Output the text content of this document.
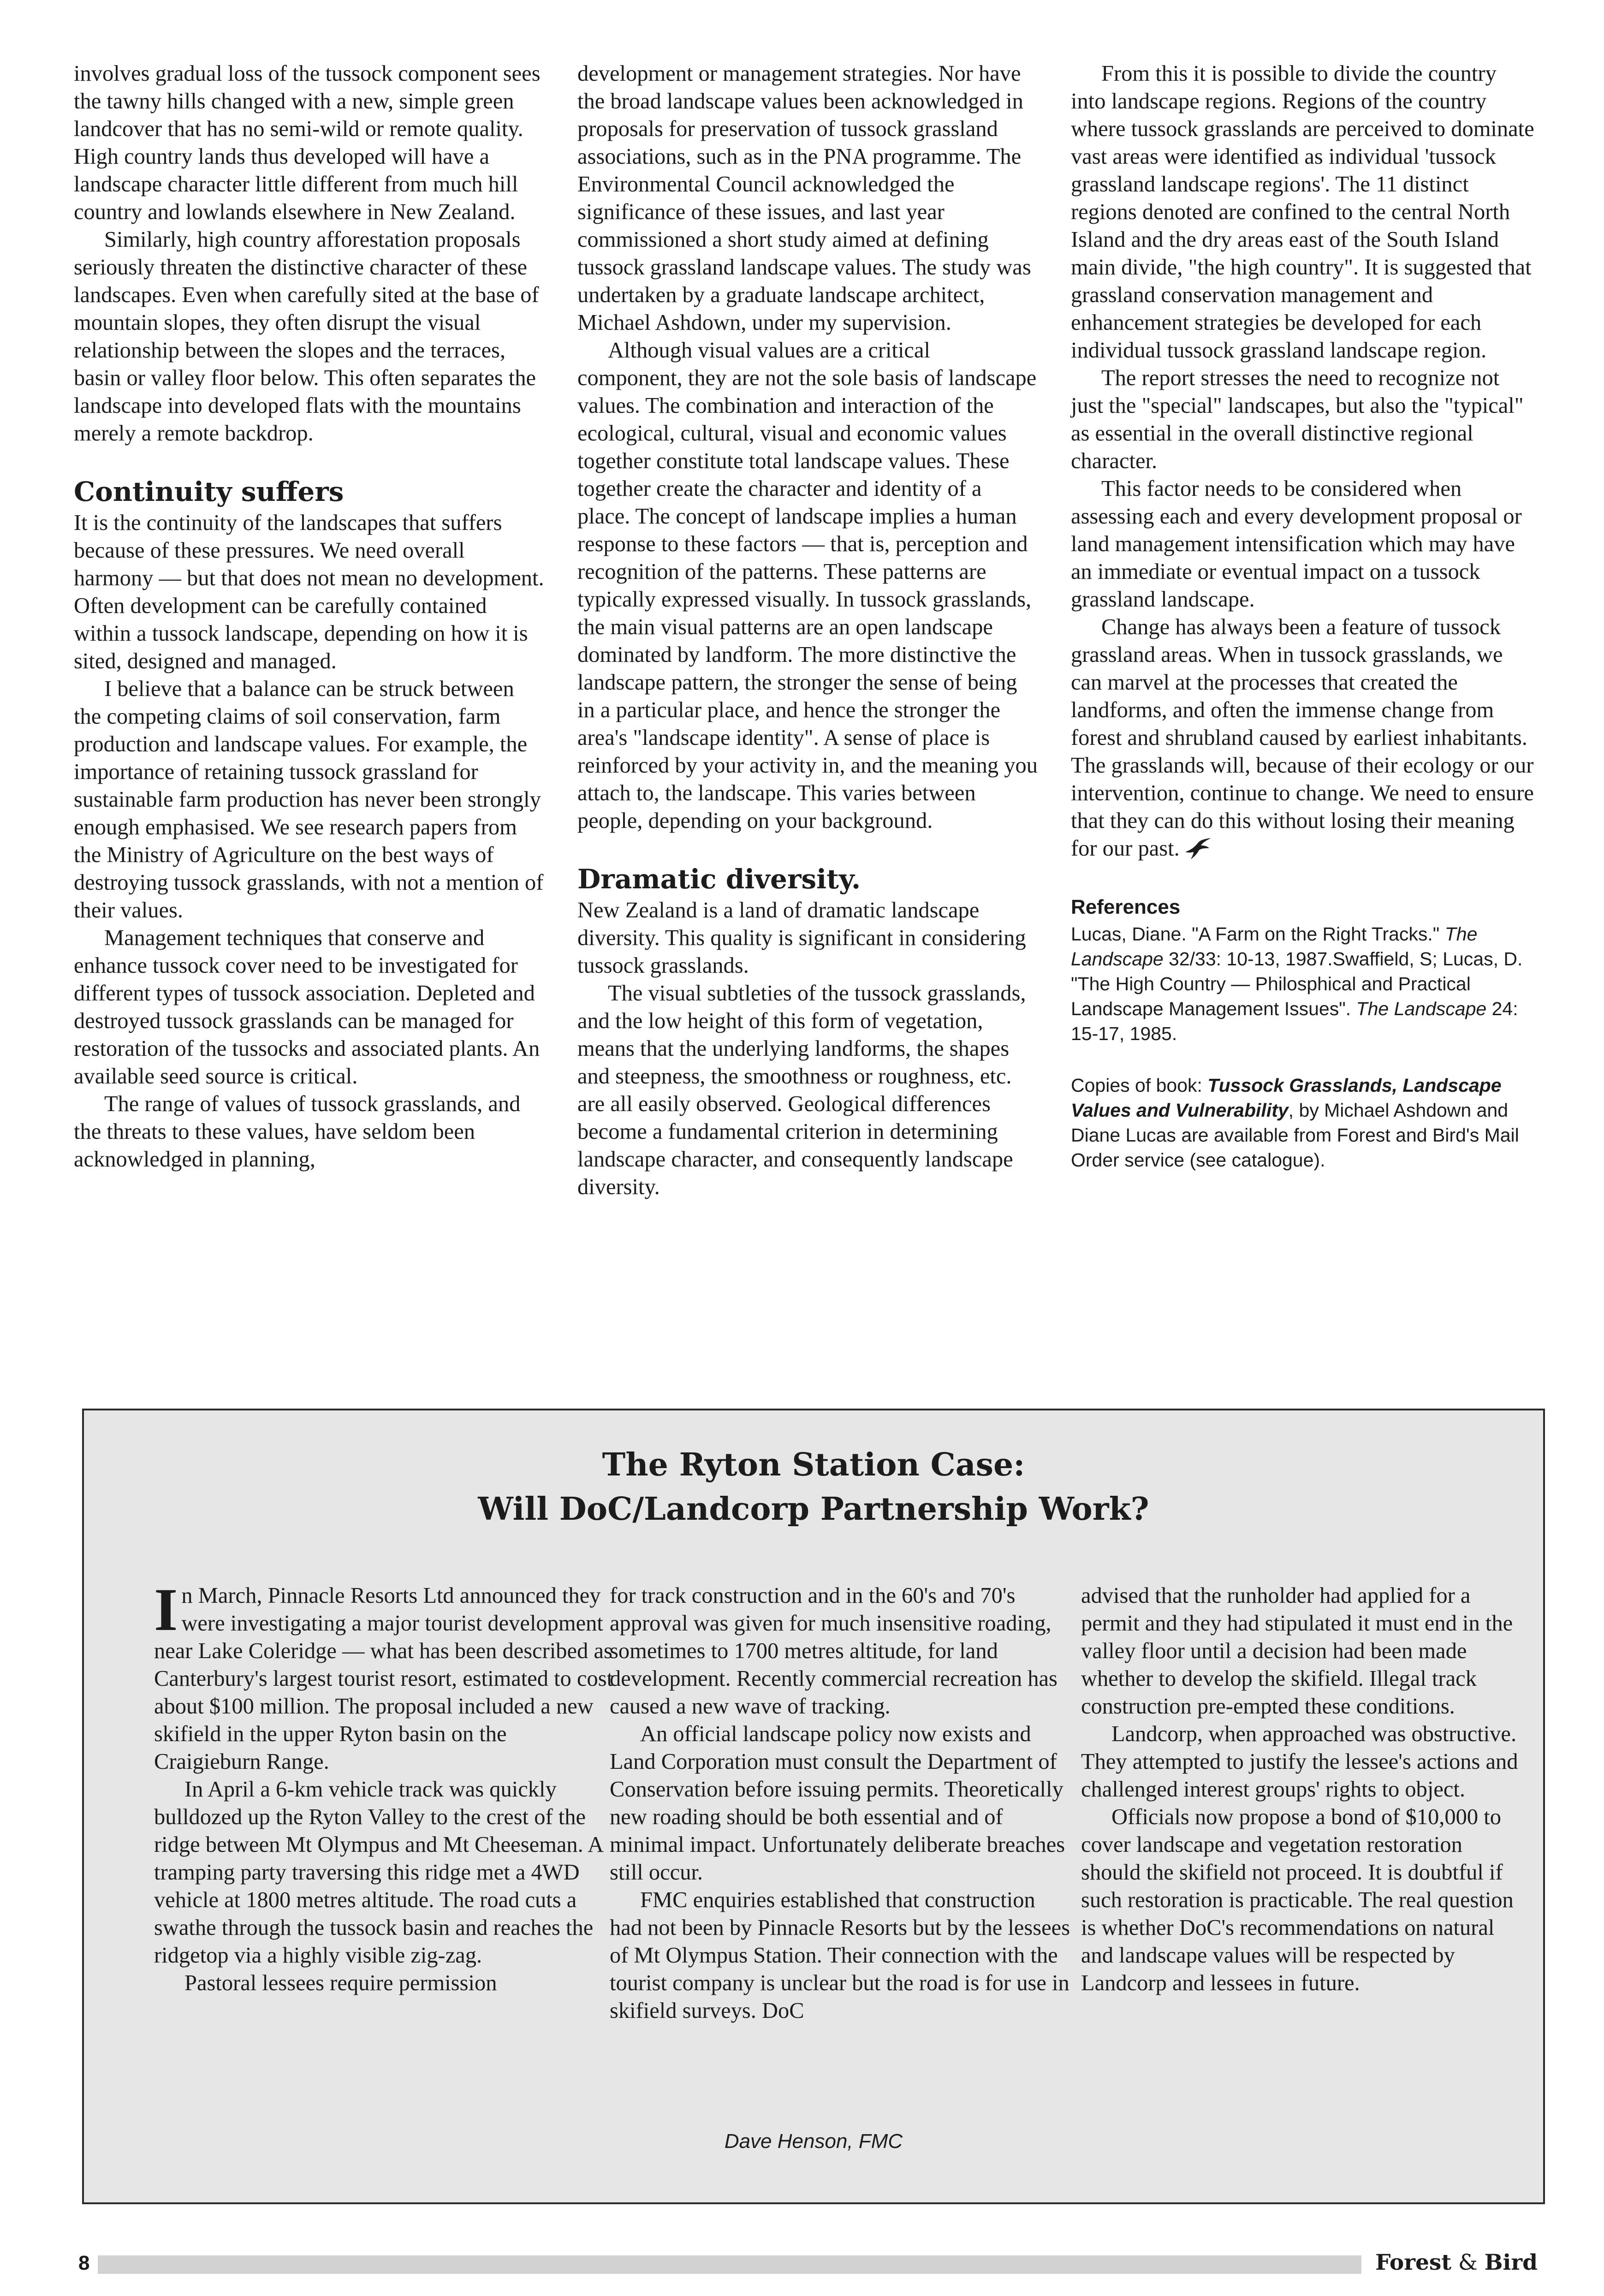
involves gradual loss of the tussock component sees the tawny hills changed with a new, simple green landcover that has no semi-wild or remote quality. High country lands thus developed will have a landscape character little different from much hill country and lowlands elsewhere in New Zealand.

Similarly, high country afforestation proposals seriously threaten the distinctive character of these landscapes. Even when carefully sited at the base of mountain slopes, they often disrupt the visual relationship between the slopes and the terraces, basin or valley floor below. This often separates the landscape into developed flats with the mountains merely a remote backdrop.

Continuity suffers

It is the continuity of the landscapes that suffers because of these pressures. We need overall harmony — but that does not mean no development. Often development can be carefully contained within a tussock landscape, depending on how it is sited, designed and managed.

I believe that a balance can be struck between the competing claims of soil conservation, farm production and landscape values. For example, the importance of retaining tussock grassland for sustainable farm production has never been strongly enough emphasised. We see research papers from the Ministry of Agriculture on the best ways of destroying tussock grasslands, with not a mention of their values.

Management techniques that conserve and enhance tussock cover need to be investigated for different types of tussock association. Depleted and destroyed tussock grasslands can be managed for restoration of the tussocks and associated plants. An available seed source is critical.

The range of values of tussock grasslands, and the threats to these values, have seldom been acknowledged in planning,

development or management strategies. Nor have the broad landscape values been acknowledged in proposals for preservation of tussock grassland associations, such as in the PNA programme. The Environmental Council acknowledged the significance of these issues, and last year commissioned a short study aimed at defining tussock grassland landscape values. The study was undertaken by a graduate landscape architect, Michael Ashdown, under my supervision.

Although visual values are a critical component, they are not the sole basis of landscape values. The combination and interaction of the ecological, cultural, visual and economic values together constitute total landscape values. These together create the character and identity of a place. The concept of landscape implies a human response to these factors — that is, perception and recognition of the patterns. These patterns are typically expressed visually. In tussock grasslands, the main visual patterns are an open landscape dominated by landform. The more distinctive the landscape pattern, the stronger the sense of being in a particular place, and hence the stronger the area's "landscape identity". A sense of place is reinforced by your activity in, and the meaning you attach to, the landscape. This varies between people, depending on your background.

Dramatic diversity.

New Zealand is a land of dramatic landscape diversity. This quality is significant in considering tussock grasslands.

The visual subtleties of the tussock grasslands, and the low height of this form of vegetation, means that the underlying landforms, the shapes and steepness, the smoothness or roughness, etc. are all easily observed. Geological differences become a fundamental criterion in determining landscape character, and consequently landscape diversity.

From this it is possible to divide the country into landscape regions. Regions of the country where tussock grasslands are perceived to dominate vast areas were identified as individual 'tussock grassland landscape regions'. The 11 distinct regions denoted are confined to the central North Island and the dry areas east of the South Island main divide, "the high country". It is suggested that grassland conservation management and enhancement strategies be developed for each individual tussock grassland landscape region.

The report stresses the need to recognize not just the "special" landscapes, but also the "typical" as essential in the overall distinctive regional character.

This factor needs to be considered when assessing each and every development proposal or land management intensification which may have an immediate or eventual impact on a tussock grassland landscape.

Change has always been a feature of tussock grassland areas. When in tussock grasslands, we can marvel at the processes that created the landforms, and often the immense change from forest and shrubland caused by earliest inhabitants. The grasslands will, because of their ecology or our intervention, continue to change. We need to ensure that they can do this without losing their meaning for our past.

References

Lucas, Diane. "A Farm on the Right Tracks." The Landscape 32/33: 10-13, 1987.Swaffield, S; Lucas, D. "The High Country — Philosphical and Practical Landscape Management Issues". The Landscape 24: 15-17, 1985.

Copies of book: Tussock Grasslands, Landscape Values and Vulnerability, by Michael Ashdown and Diane Lucas are available from Forest and Bird's Mail Order service (see catalogue).

The Ryton Station Case:
Will DoC/Landcorp Partnership Work?

In March, Pinnacle Resorts Ltd announced they were investigating a major tourist development near Lake Coleridge — what has been described as Canterbury's largest tourist resort, estimated to cost about $100 million. The proposal included a new skifield in the upper Ryton basin on the Craigieburn Range.

In April a 6-km vehicle track was quickly bulldozed up the Ryton Valley to the crest of the ridge between Mt Olympus and Mt Cheeseman. A tramping party traversing this ridge met a 4WD vehicle at 1800 metres altitude. The road cuts a swathe through the tussock basin and reaches the ridgetop via a highly visible zig-zag.

Pastoral lessees require permission

for track construction and in the 60's and 70's approval was given for much insensitive roading, sometimes to 1700 metres altitude, for land development. Recently commercial recreation has caused a new wave of tracking.

An official landscape policy now exists and Land Corporation must consult the Department of Conservation before issuing permits. Theoretically new roading should be both essential and of minimal impact. Unfortunately deliberate breaches still occur.

FMC enquiries established that construction had not been by Pinnacle Resorts but by the lessees of Mt Olympus Station. Their connection with the tourist company is unclear but the road is for use in skifield surveys. DoC

advised that the runholder had applied for a permit and they had stipulated it must end in the valley floor until a decision had been made whether to develop the skifield. Illegal track construction pre-empted these conditions.

Landcorp, when approached was obstructive. They attempted to justify the lessee's actions and challenged interest groups' rights to object.

Officials now propose a bond of $10,000 to cover landscape and vegetation restoration should the skifield not proceed. It is doubtful if such restoration is practicable. The real question is whether DoC's recommendations on natural and landscape values will be respected by Landcorp and lessees in future.

Dave Henson, FMC
8	Forest & Bird
